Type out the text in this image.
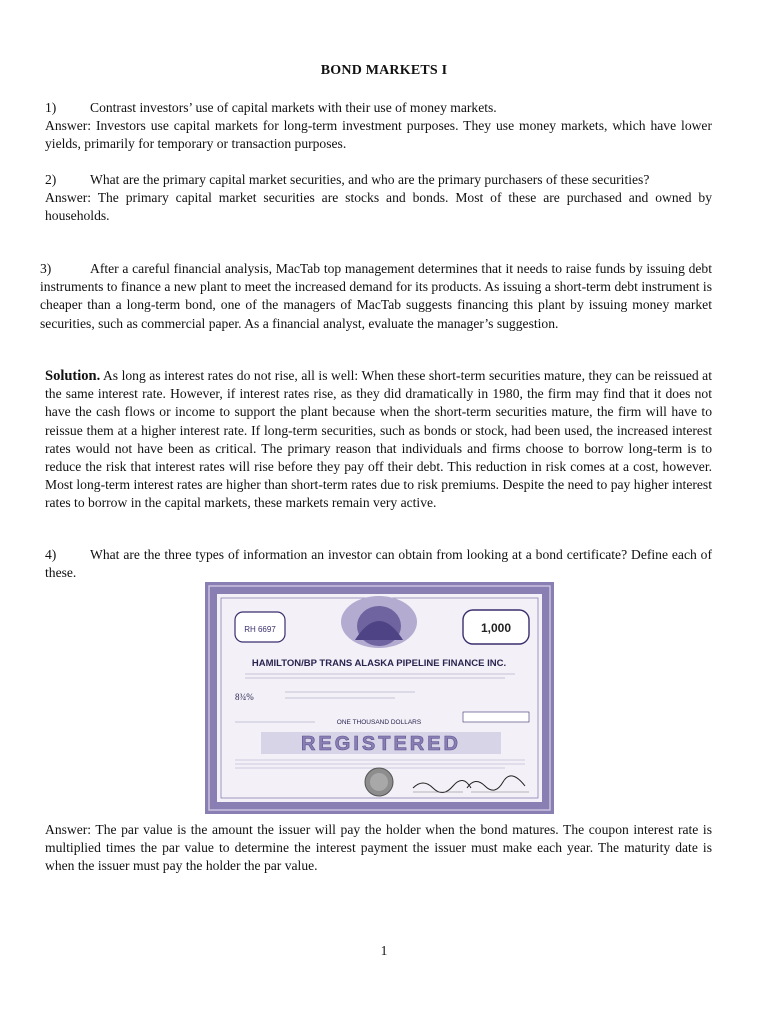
BOND MARKETS I
1)	Contrast investors’ use of capital markets with their use of money markets.
Answer: Investors use capital markets for long-term investment purposes. They use money markets, which have lower yields, primarily for temporary or transaction purposes.
2)	What are the primary capital market securities, and who are the primary purchasers of these securities?
Answer: The primary capital market securities are stocks and bonds. Most of these are purchased and owned by households.
3)	After a careful financial analysis, MacTab top management determines that it needs to raise funds by issuing debt instruments to finance a new plant to meet the increased demand for its products. As issuing a short-term debt instrument is cheaper than a long-term bond, one of the managers of MacTab suggests financing this plant by issuing money market securities, such as commercial paper. As a financial analyst, evaluate the manager’s suggestion.
Solution. As long as interest rates do not rise, all is well: When these short-term securities mature, they can be reissued at the same interest rate. However, if interest rates rise, as they did dramatically in 1980, the firm may find that it does not have the cash flows or income to support the plant because when the short-term securities mature, the firm will have to reissue them at a higher interest rate. If long-term securities, such as bonds or stock, had been used, the increased interest rates would not have been as critical. The primary reason that individuals and firms choose to borrow long-term is to reduce the risk that interest rates will rise before they pay off their debt. This reduction in risk comes at a cost, however. Most long-term interest rates are higher than short-term rates due to risk premiums. Despite the need to pay higher interest rates to borrow in the capital markets, these markets remain very active.
4) What are the three types of information an investor can obtain from looking at a bond certificate? Define each of these.
RH 6697	1,000
HAMILTON/BP TRANS ALASKA PIPELINE FINANCE INC.
8¾%
ONE THOUSAND DOLLARS
REGISTERED
Answer: The par value is the amount the issuer will pay the holder when the bond matures. The coupon interest rate is multiplied times the par value to determine the interest payment the issuer must make each year. The maturity date is when the issuer must pay the holder the par value.
1
